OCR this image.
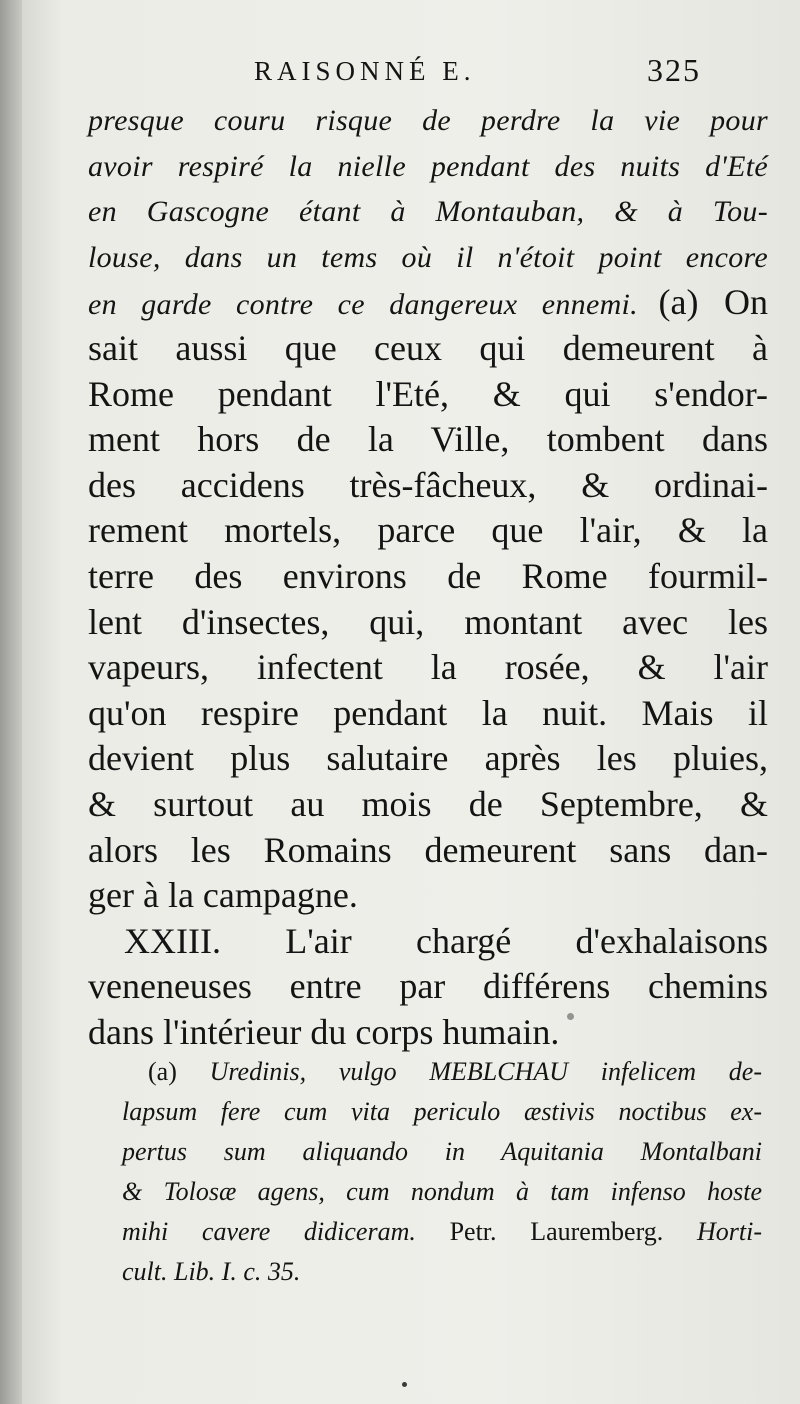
RAISONNÉ E.	325
presque couru risque de perdre la vie pour
avoir respiré la nielle pendant des nuits d'Eté
en Gascogne étant à Montauban, & à Tou-
louse, dans un tems où il n'étoit point encore
en garde contre ce dangereux ennemi. (a) On
sait aussi que ceux qui demeurent à
Rome pendant l'Eté, & qui s'endor-
ment hors de la Ville, tombent dans
des accidens très-fâcheux, & ordinai-
rement mortels, parce que l'air, & la
terre des environs de Rome fourmil-
lent d'insectes, qui, montant avec les
vapeurs, infectent la rosée, & l'air
qu'on respire pendant la nuit. Mais il
devient plus salutaire après les pluies,
& surtout au mois de Septembre, &
alors les Romains demeurent sans dan-
ger à la campagne.
XXIII. L'air chargé d'exhalaisons
veneneuses entre par différens chemins
dans l'intérieur du corps humain.
(a) Uredinis, vulgo MEBLCHAU infelicem de-
lapsum fere cum vita periculo æstivis noctibus ex-
pertus sum aliquando in Aquitania Montalbani
& Tolosæ agens, cum nondum à tam infenso hoste
mihi cavere didiceram. Petr. Lauremberg. Horti-
cult. Lib. I. c. 35.
